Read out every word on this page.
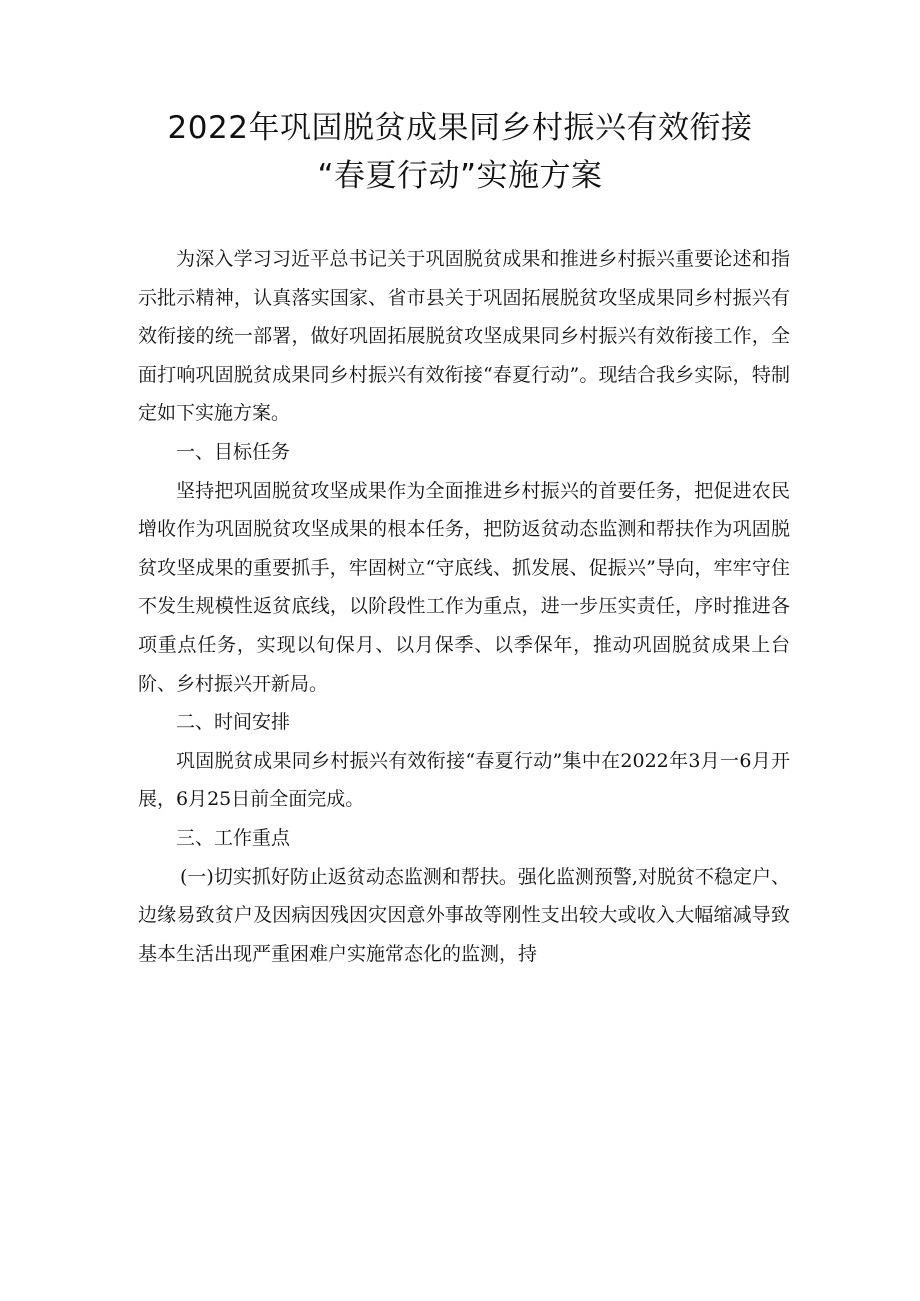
2022年巩固脱贫成果同乡村振兴有效衔接
“春夏行动”实施方案

为深入学习习近平总书记关于巩固脱贫成果和推进乡村振兴重要论述和指示批示精神，认真落实国家、省市县关于巩固拓展脱贫攻坚成果同乡村振兴有效衔接的统一部署，做好巩固拓展脱贫攻坚成果同乡村振兴有效衔接工作，全面打响巩固脱贫成果同乡村振兴有效衔接“春夏行动”。现结合我乡实际，特制定如下实施方案。

一、目标任务

坚持把巩固脱贫攻坚成果作为全面推进乡村振兴的首要任务，把促进农民增收作为巩固脱贫攻坚成果的根本任务，把防返贫动态监测和帮扶作为巩固脱贫攻坚成果的重要抓手，牢固树立“守底线、抓发展、促振兴”导向，牢牢守住不发生规模性返贫底线，以阶段性工作为重点，进一步压实责任，序时推进各项重点任务，实现以旬保月、以月保季、以季保年，推动巩固脱贫成果上台阶、乡村振兴开新局。

二、时间安排

巩固脱贫成果同乡村振兴有效衔接“春夏行动”集中在2022年3月一6月开展，6月25日前全面完成。

三、工作重点

(一)切实抓好防止返贫动态监测和帮扶。强化监测预警,对脱贫不稳定户、边缘易致贫户及因病因残因灾因意外事故等刚性支出较大或收入大幅缩减导致基本生活出现严重困难户实施常态化的监测，持
